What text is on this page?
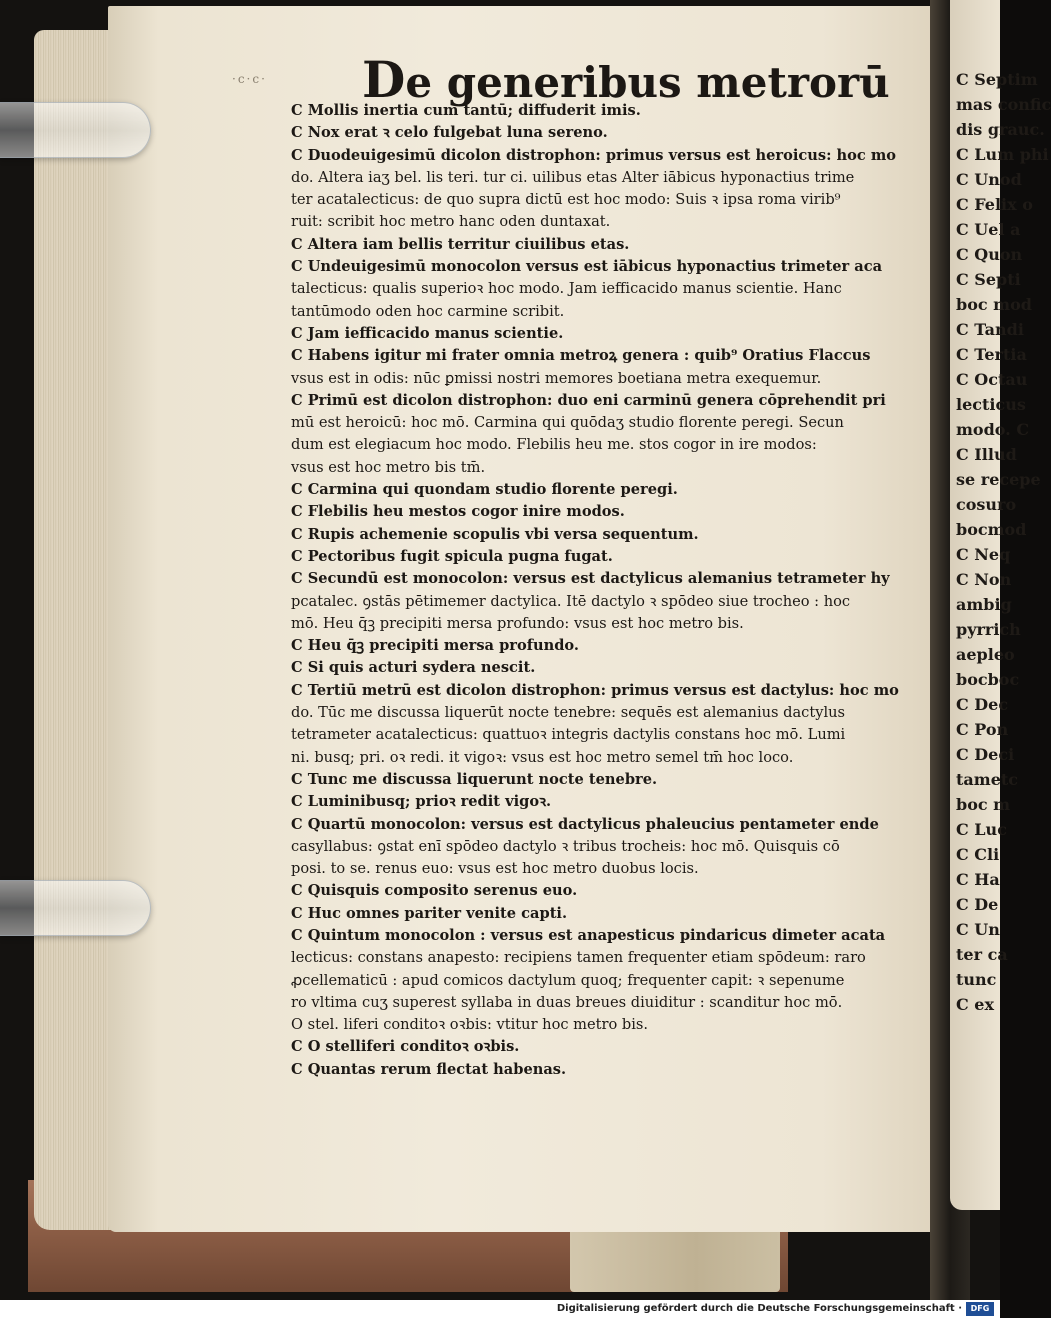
C Septim
mas confic
dis grauc.
C Lum phi
C Unod
C Felix o
C Uel a
C Quon
C Septi
boc mod
C Tandi
C Tertia
C Octau
lecticus
modo. C
C Illud
se recepe
cosuro
bocmod
C Neq
C Non
ambig
pyrrich
aepleo
bocboc
C Dec
C Pon
C Deci
tametc
boc m
C Luc
C Cli
C Ha
C De
C Un
ter ca
tunc
C ex
·c·c· De generibus metrorū
C Mollis inertia cum tantū; diffuderit imis.
C Nox erat ꝛ celo fulgebat luna sereno.
C Duodeuigesimū dicolon distrophon: primus versus est heroicus: hoc mo
do. Altera iaʒ bel. lis teri. tur ci. uilibus etas Alter iābicus hyponactius trime
ter acatalecticus: de quo supra dictū est hoc modo: Suis ꝛ ipsa roma virib⁹
ruit: scribit hoc metro hanc oden duntaxat.
C Altera iam bellis territur ciuilibus etas.
C Undeuigesimū monocolon versus est iābicus hyponactius trimeter aca
talecticus: qualis superioꝛ hoc modo. Jam iefficacido manus scientie. Hanc
tantūmodo oden hoc carmine scribit.
C Jam iefficacido manus scientie.
C Habens igitur mi frater omnia metroꝝ genera : quib⁹ Oratius Flaccus
vsus est in odis: nūc ꝑmissi nostri memores boetiana metra exequemur.
C Primū est dicolon distrophon: duo eni carminū genera cōprehendit pri
mū est heroicū: hoc mō. Carmina qui quōdaʒ studio florente peregi. Secun
dum est elegiacum hoc modo. Flebilis heu me. stos cogor in ire modos:
vsus est hoc metro bis tm̄.
C Carmina qui quondam studio florente peregi.
C Flebilis heu mestos cogor inire modos.
C Rupis achemenie scopulis vbi versa sequentum.
C Pectoribus fugit spicula pugna fugat.
C Secundū est monocolon: versus est dactylicus alemanius tetrameter hy
pcatalec. ꝯstās pētimemer dactylica. Itē dactylo ꝛ spōdeo siue trocheo : hoc
mō. Heu q̄ꝫ precipiti mersa profundo: vsus est hoc metro bis.
C Heu q̄ꝫ precipiti mersa profundo.
C Si quis acturi sydera nescit.
C Tertiū metrū est dicolon distrophon: primus versus est dactylus: hoc mo
do. Tūc me discussa liquerūt nocte tenebre: sequēs est alemanius dactylus
tetrameter acatalecticus: quattuoꝛ integris dactylis constans hoc mō. Lumi
ni. busq; pri. oꝛ redi. it vigoꝛ: vsus est hoc metro semel tm̄ hoc loco.
C Tunc me discussa liquerunt nocte tenebre.
C Luminibusq; prioꝛ redit vigoꝛ.
C Quartū monocolon: versus est dactylicus phaleucius pentameter ende
casyllabus: ꝯstat enī spōdeo dactylo ꝛ tribus trocheis: hoc mō. Quisquis cō
posi. to se. renus euo: vsus est hoc metro duobus locis.
C Quisquis composito serenus euo.
C Huc omnes pariter venite capti.
C Quintum monocolon : versus est anapesticus pindaricus dimeter acata
lecticus: constans anapesto: recipiens tamen frequenter etiam spōdeum: raro
ꝓcellematicū : apud comicos dactylum quoq; frequenter capit: ꝛ sepenume
ro vltima cuʒ superest syllaba in duas breues diuiditur : scanditur hoc mō.
O stel. liferi conditoꝛ oꝛbis: vtitur hoc metro bis.
C O stelliferi conditoꝛ oꝛbis.
C Quantas rerum flectat habenas.
Digitalisierung gefördert durch die Deutsche Forschungsgemeinschaft ·	DFG
